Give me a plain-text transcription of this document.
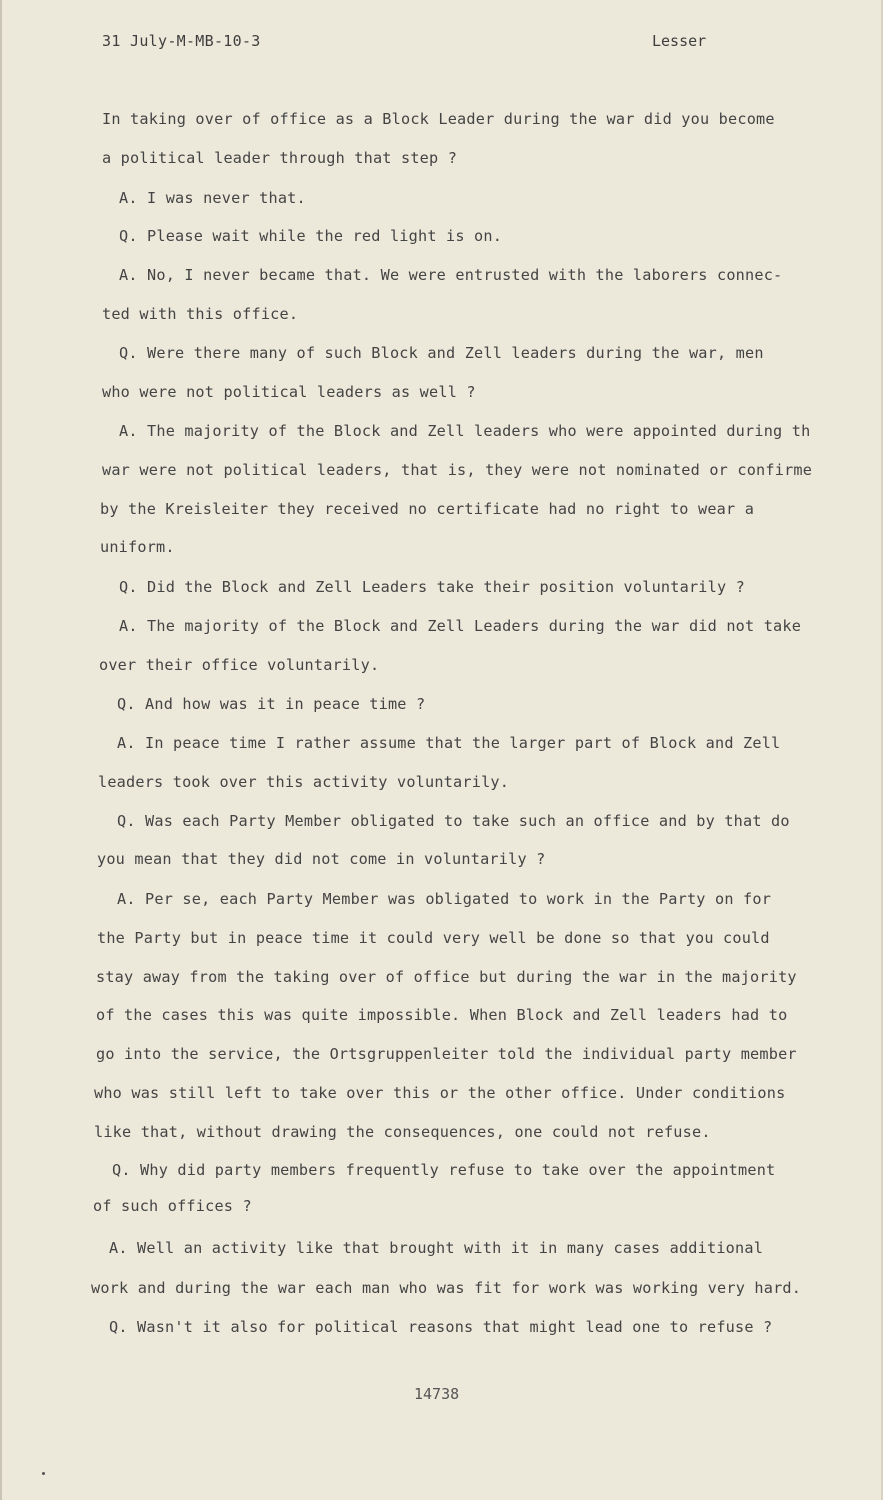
31 July-M-MB-10-3	Lesser
In taking over of office as a Block Leader during the war did you become
a political leader through that step ?
A. I was never that.
Q. Please wait while the red light is on.
A. No, I never became that. We were entrusted with the laborers connec-
ted with this office.
Q. Were there many of such Block and Zell leaders during the war, men
who were not political leaders as well ?
A. The majority of the Block and Zell leaders who were appointed during th
war were not political leaders, that is, they were not nominated or confirme
by the Kreisleiter they received no certificate had no right to wear a
uniform.
Q. Did the Block and Zell Leaders take their position voluntarily ?
A. The majority of the Block and Zell Leaders during the war did not take
over their office voluntarily.
Q. And how was it in peace time ?
A. In peace time I rather assume that the larger part of Block and Zell
leaders took over this activity voluntarily.
Q. Was each Party Member obligated to take such an office and by that do
you mean that they did not come in voluntarily ?
A. Per se, each Party Member was obligated to work in the Party on for
the Party but in peace time it could very well be done so that you could
stay away from the taking over of office but during the war in the majority
of the cases this was quite impossible. When Block and Zell leaders had to
go into the service, the Ortsgruppenleiter told the individual party member
who was still left to take over this or the other office. Under conditions
like that, without drawing the consequences, one could not refuse.
Q. Why did party members frequently refuse to take over the appointment
of such offices ?
A. Well an activity like that brought with it in many cases additional
work and during the war each man who was fit for work was working very hard.
Q. Wasn't it also for political reasons that might lead one to refuse ?
14738
